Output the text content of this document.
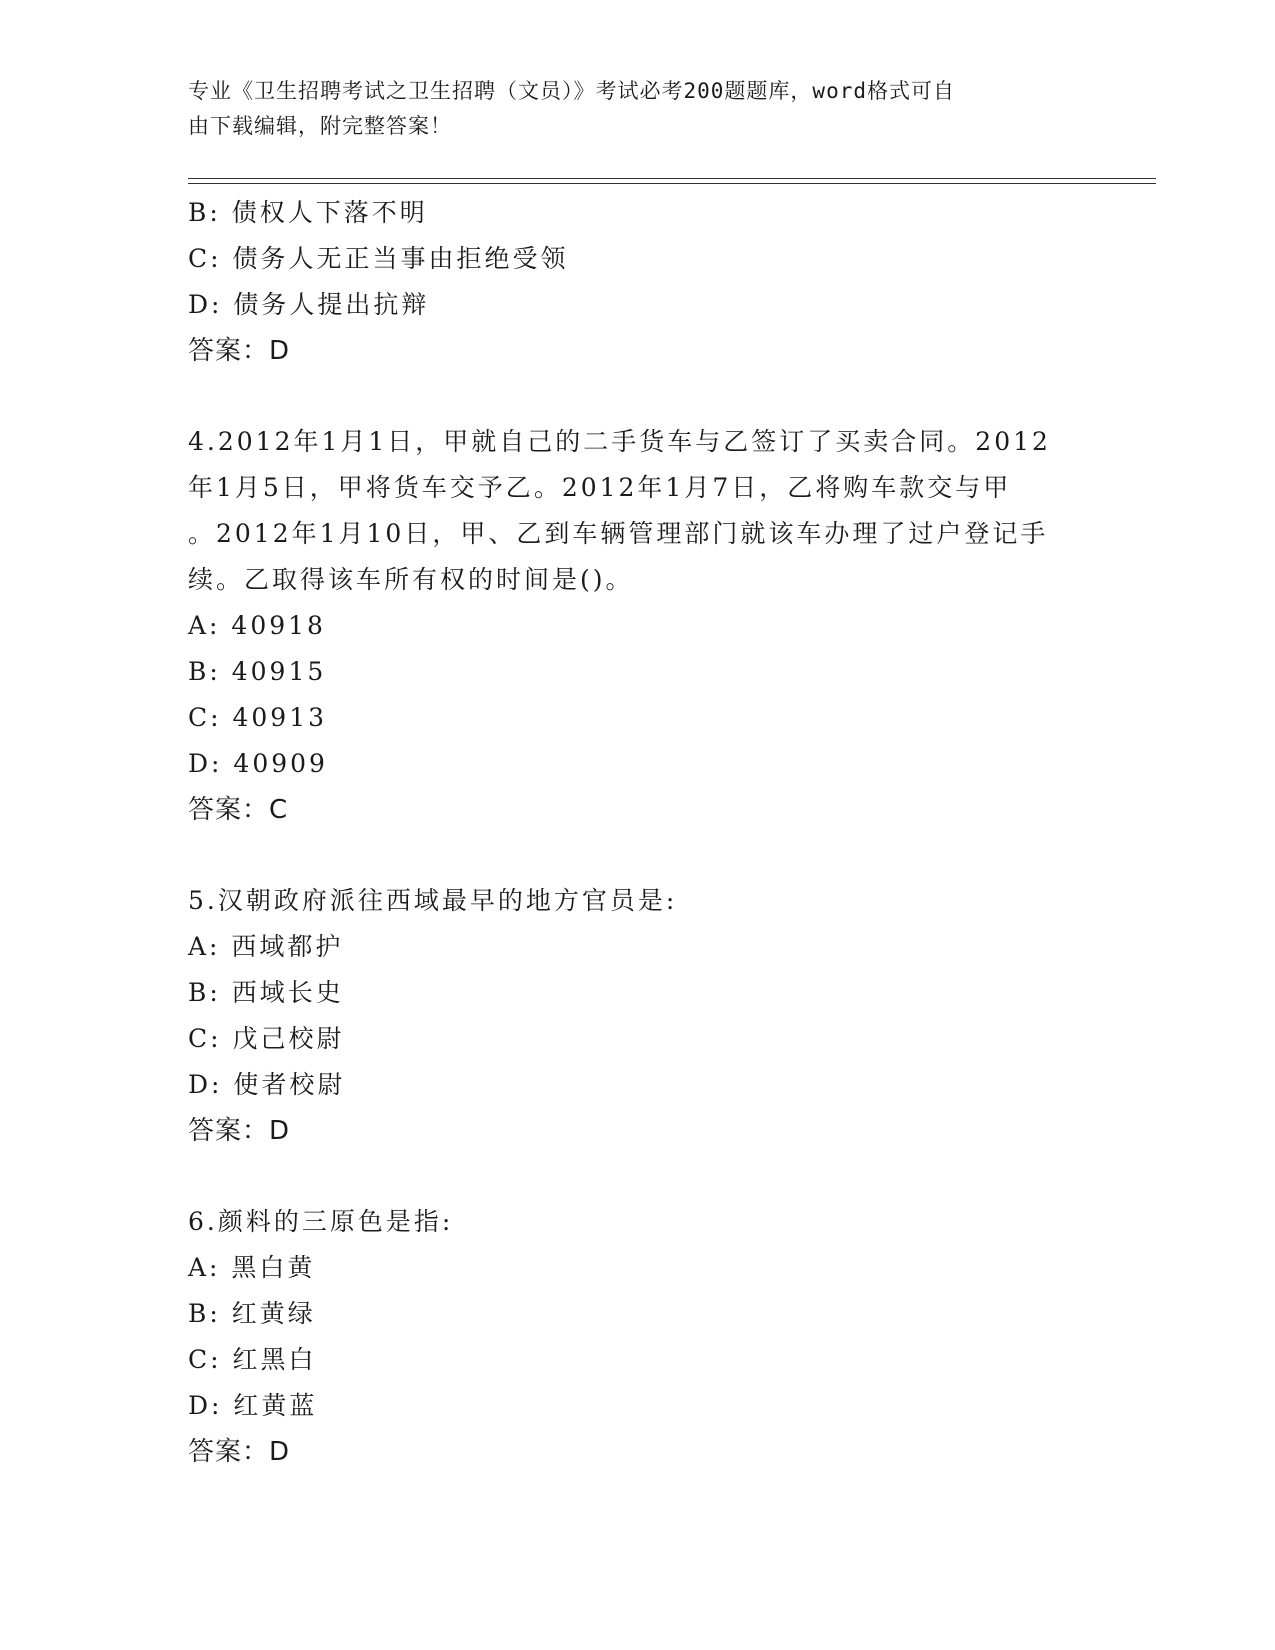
专业《卫生招聘考试之卫生招聘（文员）》考试必考200题题库，word格式可自
由下载编辑，附完整答案！
B: 债权人下落不明
C: 债务人无正当事由拒绝受领
D: 债务人提出抗辩
答案：D
4.2012年1月1日，甲就自己的二手货车与乙签订了买卖合同。2012
年1月5日，甲将货车交予乙。2012年1月7日，乙将购车款交与甲
。2012年1月10日，甲、乙到车辆管理部门就该车办理了过户登记手
续。乙取得该车所有权的时间是()。
A: 40918
B: 40915
C: 40913
D: 40909
答案：C
5.汉朝政府派往西域最早的地方官员是:
A: 西域都护
B: 西域长史
C: 戊己校尉
D: 使者校尉
答案：D
6.颜料的三原色是指:
A: 黑白黄
B: 红黄绿
C: 红黑白
D: 红黄蓝
答案：D
